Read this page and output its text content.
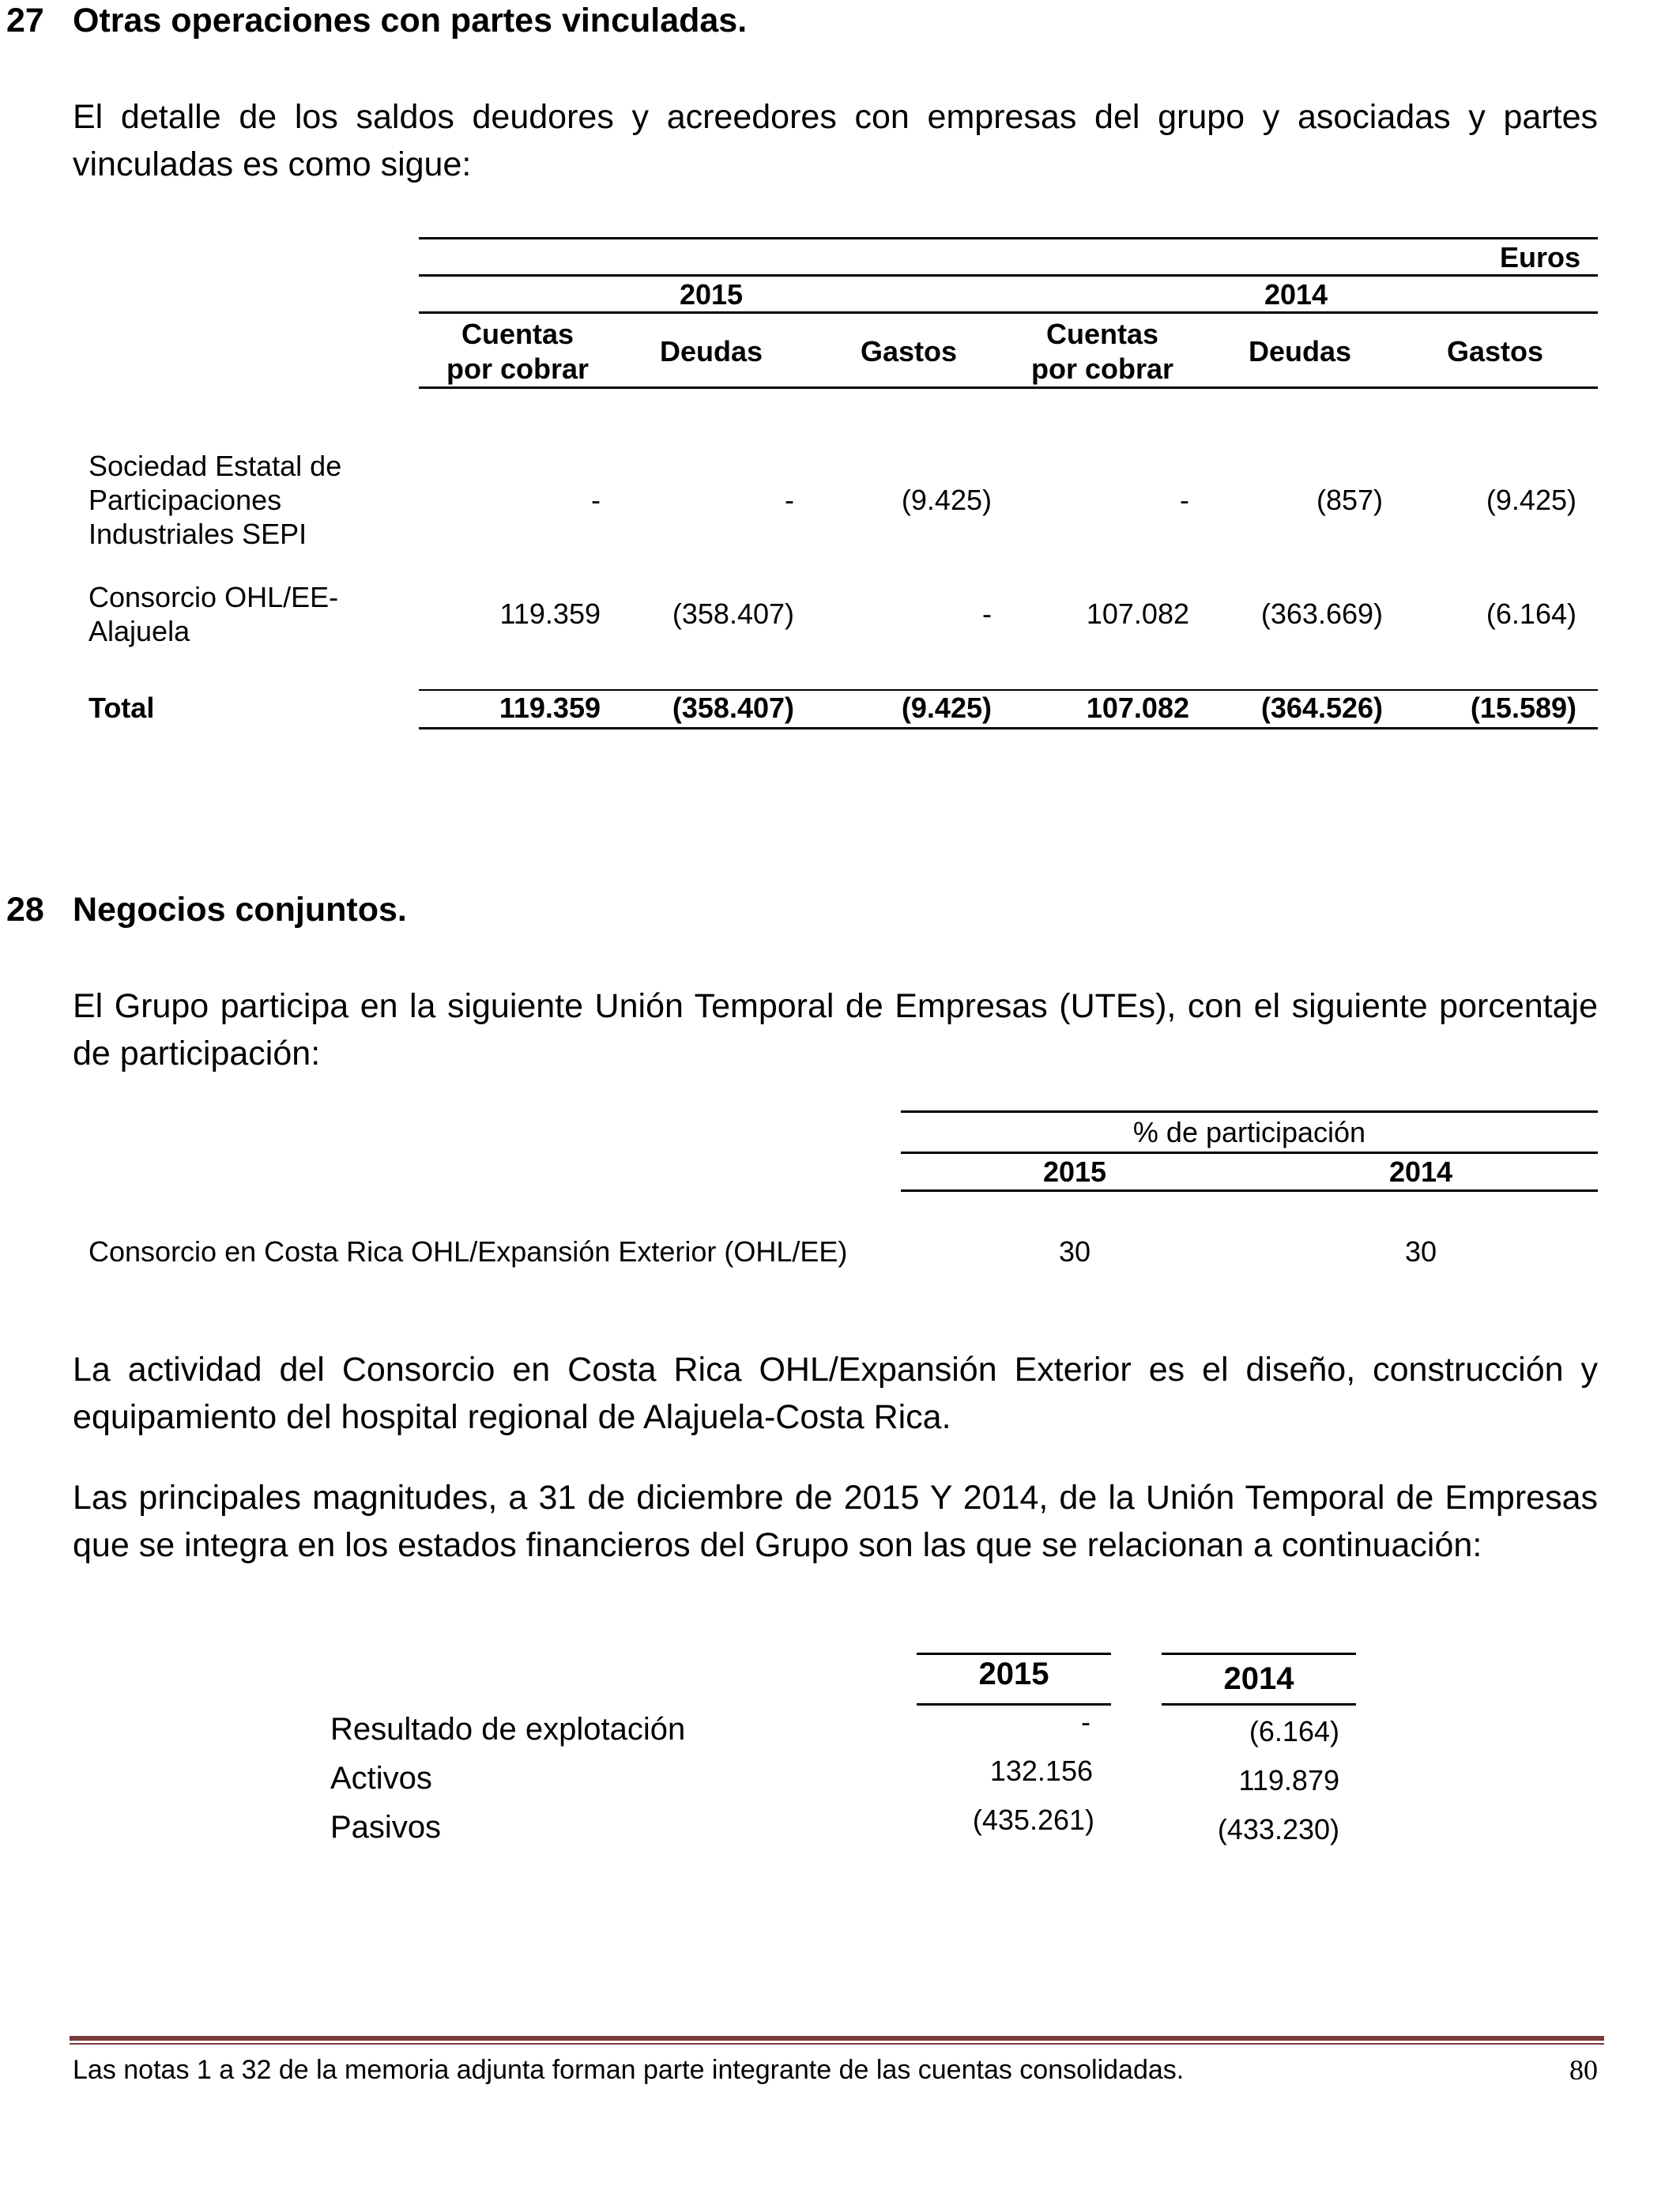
27 Otras operaciones con partes vinculadas.
El detalle de los saldos deudores y acreedores con empresas del grupo y asociadas y partes vinculadas es como sigue:
Euros
2015	2014
Cuentas
por cobrar
Deudas	Gastos
Cuentas
por cobrar
Deudas	Gastos
Sociedad Estatal de
Participaciones
Industriales SEPI
-	-	(9.425)	-	(857)	(9.425)
Consorcio OHL/EE-
Alajuela
119.359	(358.407)	-	107.082	(363.669)	(6.164)
Total	119.359	(358.407)	(9.425)	107.082	(364.526)	(15.589)
28 Negocios conjuntos.
El Grupo participa en la siguiente Unión Temporal de Empresas (UTEs), con el siguiente porcentaje de participación:
% de participación
2015	2014
Consorcio en Costa Rica OHL/Expansión Exterior (OHL/EE)	30	30
La actividad del Consorcio en Costa Rica OHL/Expansión Exterior es el diseño, construcción y equipamiento del hospital regional de Alajuela-Costa Rica.
Las principales magnitudes, a 31 de diciembre de 2015 Y 2014, de la Unión Temporal de Empresas que se integra en los estados financieros del Grupo son las que se relacionan a continuación:
2015	2014
Resultado de explotación	-	(6.164)
Activos	132.156	119.879
Pasivos	(435.261)	(433.230)
Las notas 1 a 32 de la memoria adjunta forman parte integrante de las cuentas consolidadas.	80
